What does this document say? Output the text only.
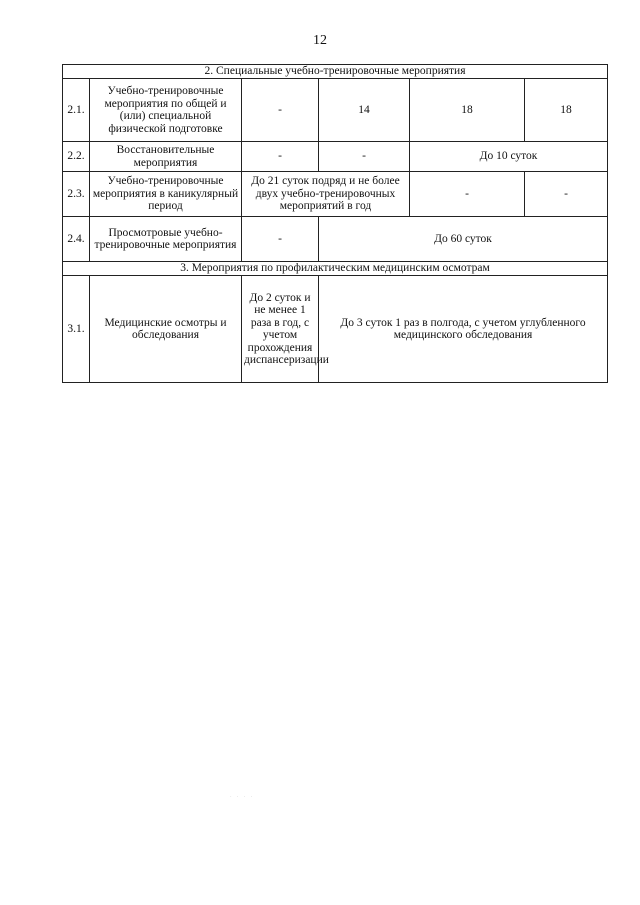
12
2. Специальные учебно-тренировочные мероприятия					
2.1.	Учебно-тренировочные мероприятия по общей и (или) специальной физической подготовке	-	14	18	18
2.2.	Восстановительные мероприятия	-	-	До 10 суток	
2.3.	Учебно-тренировочные мероприятия в каникулярный период	До 21 суток подряд и не более двух учебно-тренировочных мероприятий в год		-	-
2.4.	Просмотровые учебно-тренировочные мероприятия	-	До 60 суток		
3. Мероприятия по профилактическим медицинским осмотрам					
3.1.	Медицинские осмотры и обследования	До 2 суток и не менее 1 раза в год, с учетом прохождения диспансеризации	До 3 суток 1 раз в полгода, с учетом углубленного медицинского обследования		
· · · ·
